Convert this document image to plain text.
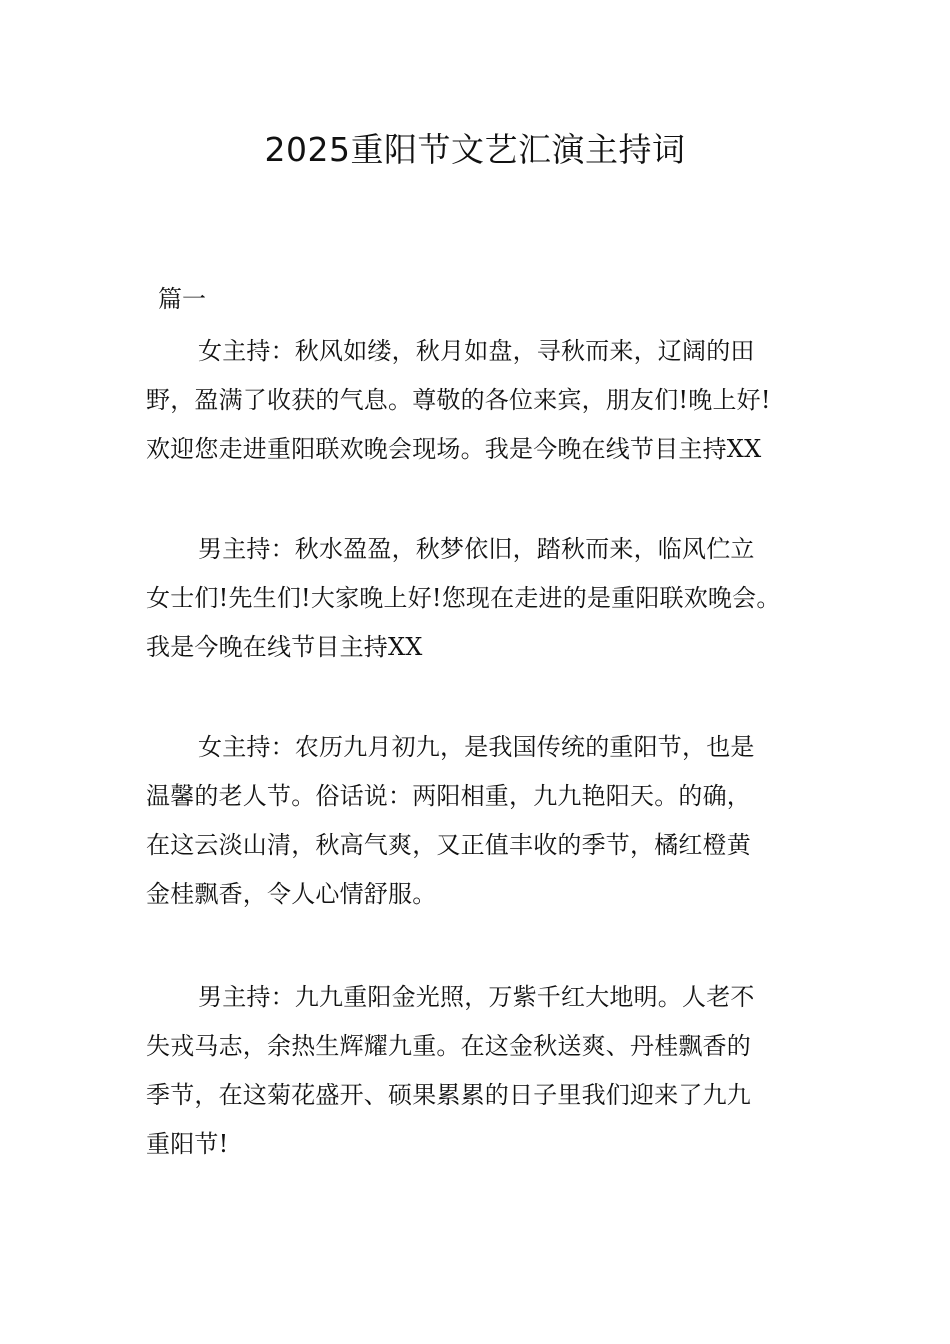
2025重阳节文艺汇演主持词

篇一

女主持：秋风如缕，秋月如盘，寻秋而来，辽阔的田
野，盈满了收获的气息。尊敬的各位来宾，朋友们!晚上好!
欢迎您走进重阳联欢晚会现场。我是今晚在线节目主持XX

男主持：秋水盈盈，秋梦依旧，踏秋而来，临风伫立
女士们!先生们!大家晚上好!您现在走进的是重阳联欢晚会。
我是今晚在线节目主持XX

女主持：农历九月初九，是我国传统的重阳节，也是
温馨的老人节。俗话说：两阳相重，九九艳阳天。的确，
在这云淡山清，秋高气爽，又正值丰收的季节，橘红橙黄
金桂飘香，令人心情舒服。

男主持：九九重阳金光照，万紫千红大地明。人老不
失戎马志，余热生辉耀九重。在这金秋送爽、丹桂飘香的
季节，在这菊花盛开、硕果累累的日子里我们迎来了九九
重阳节!
